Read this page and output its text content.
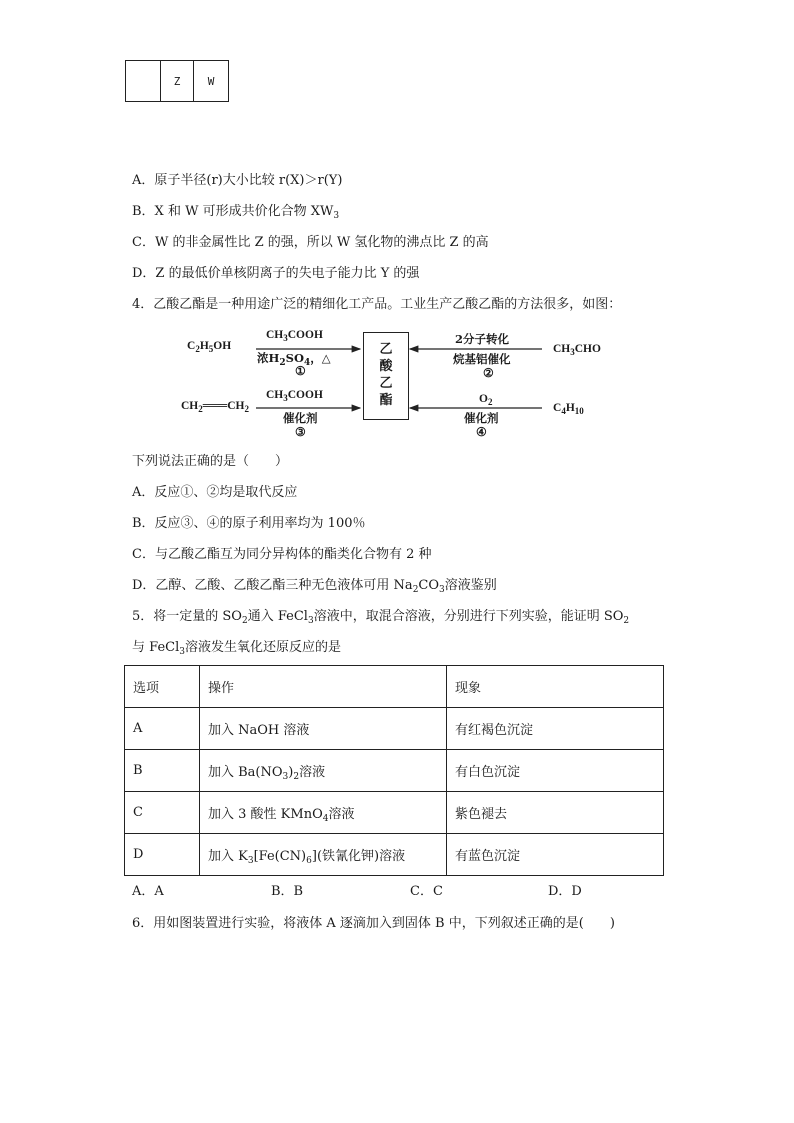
	Z	W
A．原子半径(r)大小比较 r(X)＞r(Y)
B．X 和 W 可形成共价化合物 $XW_3$
C．W 的非金属性比 Z 的强，所以 W 氢化物的沸点比 Z 的高
D．Z 的最低价单核阴离子的失电子能力比 Y 的强
4．乙酸乙酯是一种用途广泛的精细化工产品。工业生产乙酸乙酯的方法很多，如图：
乙
酸
乙
酯
$C_2H_5OH$
$CH_3COOH$
浓$H_2SO_4$，△
①
$CH_2═══CH_2$
$CH_3COOH$
催化剂
③
$CH_3CHO$
2分子转化
烷基铝催化
②
$C_4H_{10}$
$O_2$
催化剂
④
下列说法正确的是（　　）
A．反应①、②均是取代反应
B．反应③、④的原子利用率均为 100％
C．与乙酸乙酯互为同分异构体的酯类化合物有 2 种
D．乙醇、乙酸、乙酸乙酯三种无色液体可用 $Na_2CO_3$溶液鉴别
5．将一定量的 $SO_2$通入 FeCl$_3$溶液中，取混合溶液，分别进行下列实验，能证明 $SO_2$
与 FeCl$_3$溶液发生氧化还原反应的是
选项	操作	现象
A	加入 NaOH 溶液	有红褐色沉淀
B	加入 $Ba(NO_3)_2$溶液	有白色沉淀
C	加入 3 酸性 KMnO$_4$溶液	紫色褪去
D	加入 $K_3[Fe(CN)_6]$(铁氰化钾)溶液	有蓝色沉淀
A．A	B．B	C．C	D．D
6．用如图装置进行实验，将液体 A 逐滴加入到固体 B 中，下列叙述正确的是(　　)
